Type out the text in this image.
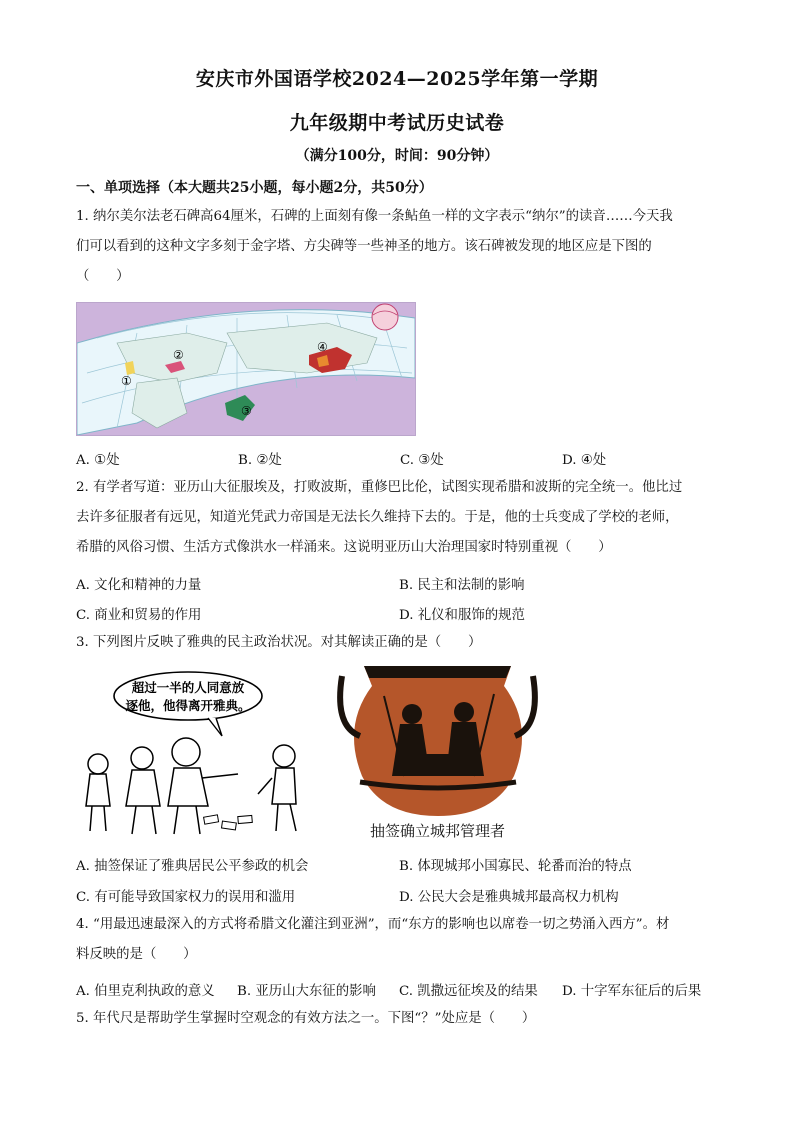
安庆市外国语学校2024—2025学年第一学期
九年级期中考试历史试卷
（满分100分，时间：90分钟）
一、单项选择（本大题共25小题，每小题2分，共50分）
1. 纳尔美尔法老石碑高64厘米，石碑的上面刻有像一条鲇鱼一样的文字表示“纳尔”的读音……今天我
们可以看到的这种文字多刻于金字塔、方尖碑等一些神圣的地方。该石碑被发现的地区应是下图的
（　　）
①
②
③
④
A. ①处	B. ②处	C. ③处	D. ④处
2. 有学者写道：亚历山大征服埃及，打败波斯，重修巴比伦，试图实现希腊和波斯的完全统一。他比过
去许多征服者有远见，知道光凭武力帝国是无法长久维持下去的。于是，他的士兵变成了学校的老师，
希腊的风俗习惯、生活方式像洪水一样涌来。这说明亚历山大治理国家时特别重视（　　）
A. 文化和精神的力量	B. 民主和法制的影响
C. 商业和贸易的作用	D. 礼仪和服饰的规范
3. 下列图片反映了雅典的民主政治状况。对其解读正确的是（　　）
超过一半的人同意放
逐他，他得离开雅典。
抽签确立城邦管理者
A. 抽签保证了雅典居民公平参政的机会	B. 体现城邦小国寡民、轮番而治的特点
C. 有可能导致国家权力的误用和滥用	D. 公民大会是雅典城邦最高权力机构
4. “用最迅速最深入的方式将希腊文化灌注到亚洲”，而“东方的影响也以席卷一切之势涌入西方”。材
料反映的是（　　）
A. 伯里克利执政的意义 B. 亚历山大东征的影响 C. 凯撒远征埃及的结果 D. 十字军东征后的后果
5. 年代尺是帮助学生掌握时空观念的有效方法之一。下图“？”处应是（　　）
